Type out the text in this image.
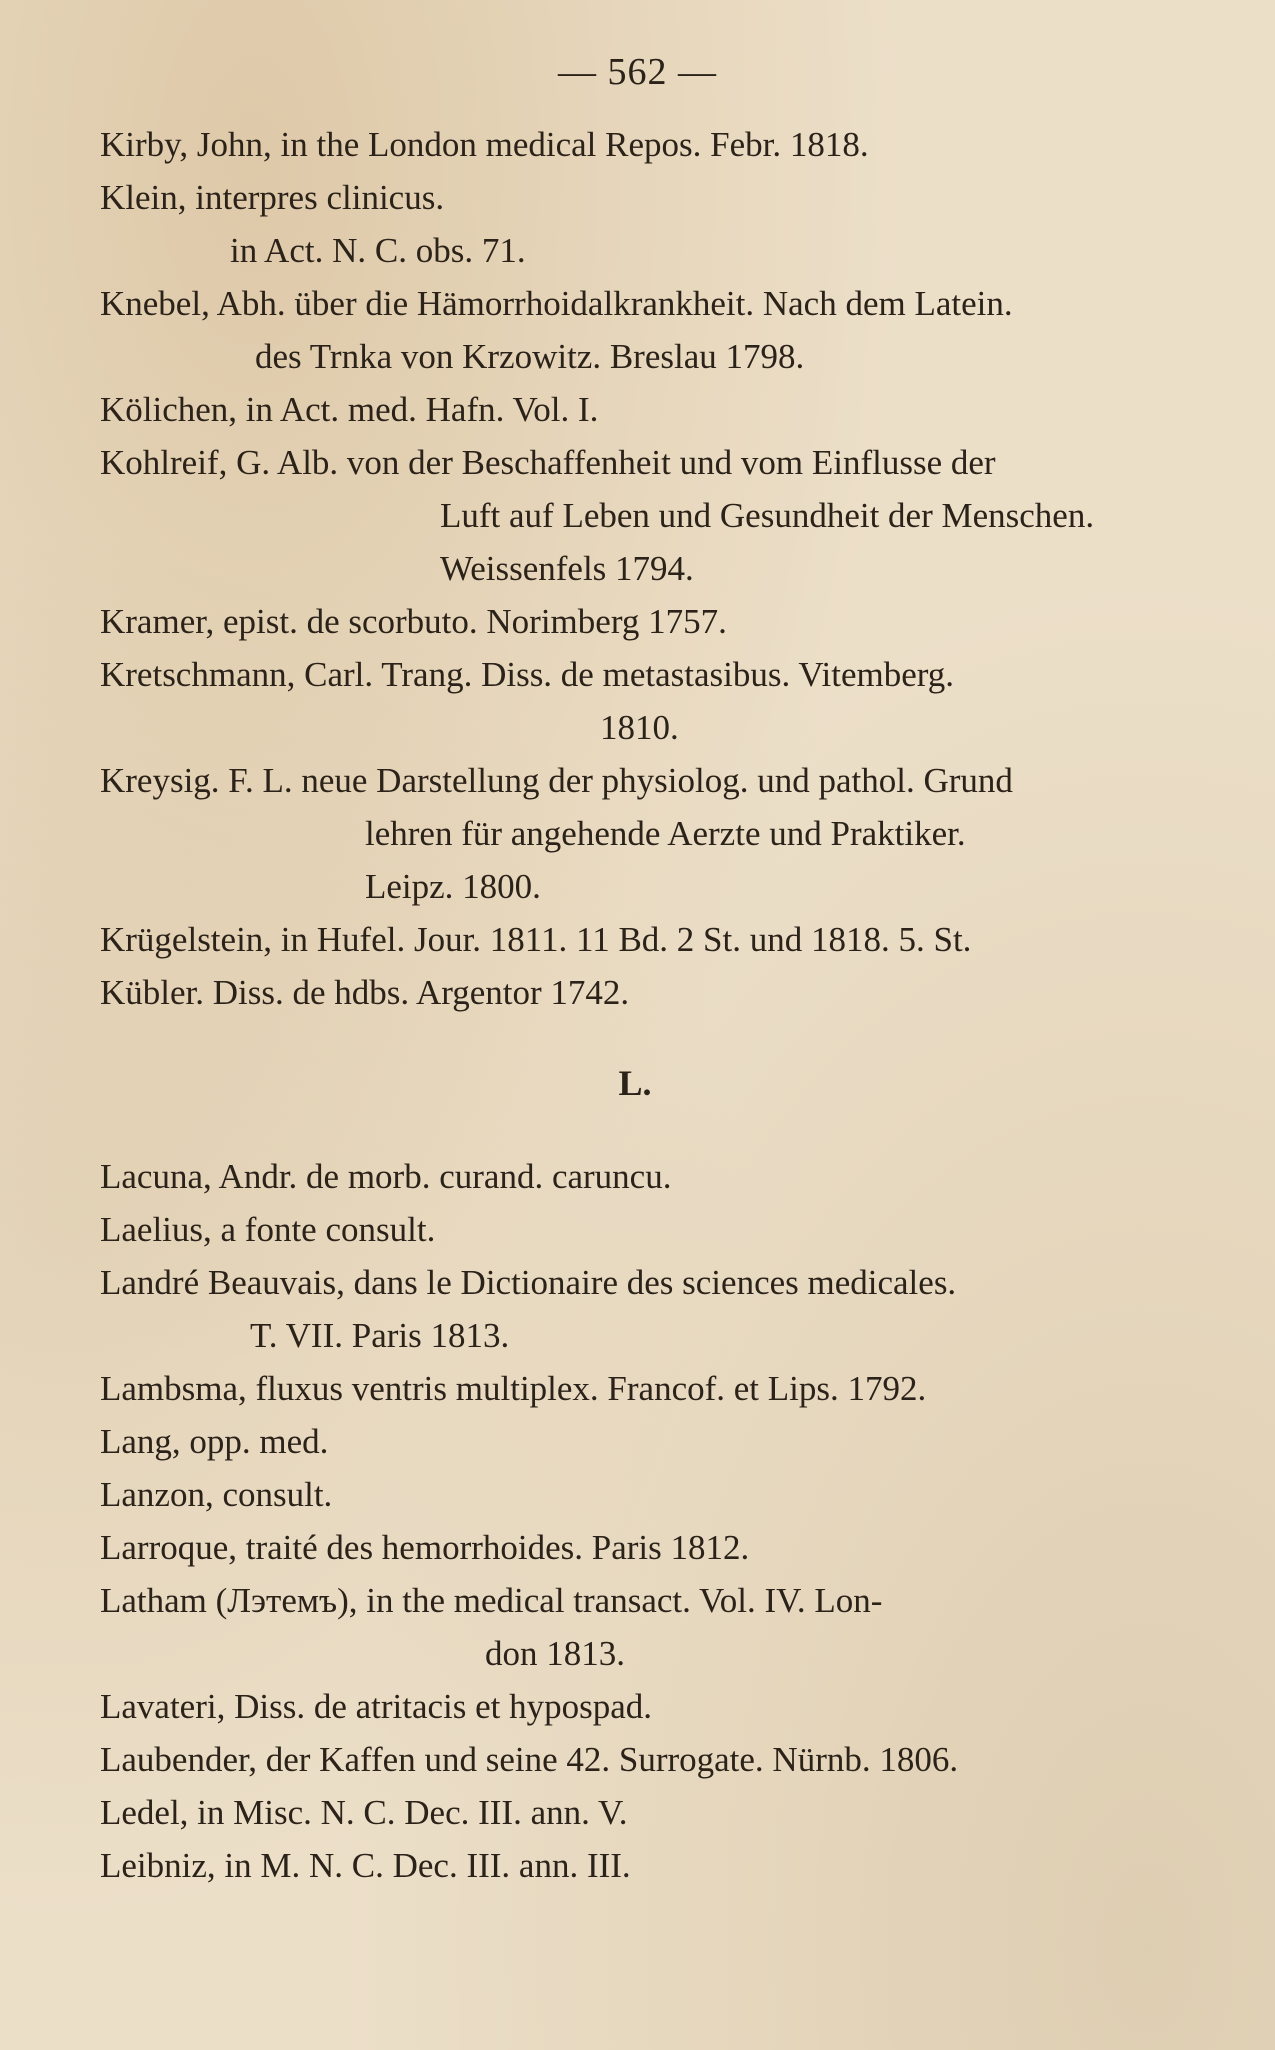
— 562 —
Kirby, John, in the London medical Repos. Febr. 1818.
Klein, interpres clinicus.
in Act. N. C. obs. 71.
Knebel, Abh. über die Hämorrhoidalkrankheit. Nach dem Latein.
des Trnka von Krzowitz. Breslau 1798.
Kölichen, in Act. med. Hafn. Vol. I.
Kohlreif, G. Alb. von der Beschaffenheit und vom Einflusse der
Luft auf Leben und Gesundheit der Menschen.
Weissenfels 1794.
Kramer, epist. de scorbuto. Norimberg 1757.
Kretschmann, Carl. Trang. Diss. de metastasibus. Vitemberg.
1810.
Kreysig. F. L. neue Darstellung der physiolog. und pathol. Grund
lehren für angehende Aerzte und Praktiker.
Leipz. 1800.
Krügelstein, in Hufel. Jour. 1811. 11 Bd. 2 St. und 1818. 5. St.
Kübler. Diss. de hdbs. Argentor 1742.
L.
Lacuna, Andr. de morb. curand. caruncu.
Laelius, a fonte consult.
Landré Beauvais, dans le Dictionaire des sciences medicales.
T. VII. Paris 1813.
Lambsma, fluxus ventris multiplex. Francof. et Lips. 1792.
Lang, opp. med.
Lanzon, consult.
Larroque, traité des hemorrhoides. Paris 1812.
Latham (Лэтемъ), in the medical transact. Vol. IV. Lon-
don 1813.
Lavateri, Diss. de atritacis et hypospad.
Laubender, der Kaffen und seine 42. Surrogate. Nürnb. 1806.
Ledel, in Misc. N. C. Dec. III. ann. V.
Leibniz, in M. N. C. Dec. III. ann. III.
